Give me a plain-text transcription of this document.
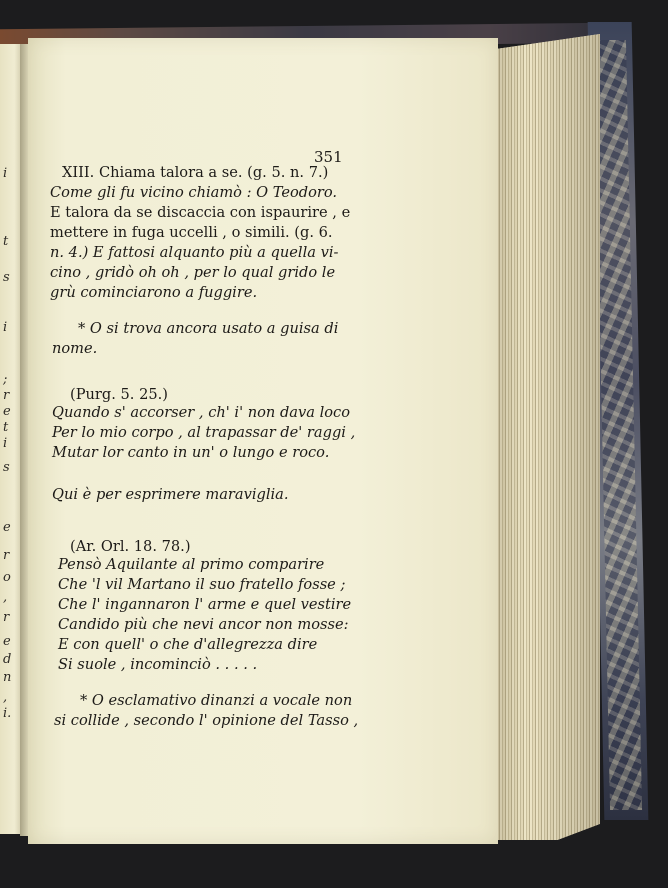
i
t
s
i
;
r
e
t
i
s
e
r
o
,
r
e
d
n
,
i.
351
XIII. Chiama talora a se. (g. 5. n. 7.)
Come gli fu vicino chiamò : O Teodoro.
E talora da se discaccia con ispaurire , e
mettere in fuga uccelli , o simili. (g. 6.
n. 4.) E fattosi alquanto più a quella vi-
cino , gridò oh oh , per lo qual grido le
grù cominciarono a fuggire.
* O si trova ancora usato a guisa di
nome.
(Purg. 5. 25.)
Quando s' accorser , ch' i' non dava loco
Per lo mio corpo , al trapassar de' raggi ,
Mutar lor canto in un' o lungo e roco.
Qui è per esprimere maraviglia.
(Ar. Orl. 18. 78.)
Pensò Aquilante al primo comparire
Che 'l vil Martano il suo fratello fosse ;
Che l' ingannaron l' arme e quel vestire
Candido più che nevi ancor non mosse:
E con quell' o che d'allegrezza dire
Si suole , incominciò . . . . .
* O esclamativo dinanzi a vocale non
si collide , secondo l' opinione del Tasso ,
